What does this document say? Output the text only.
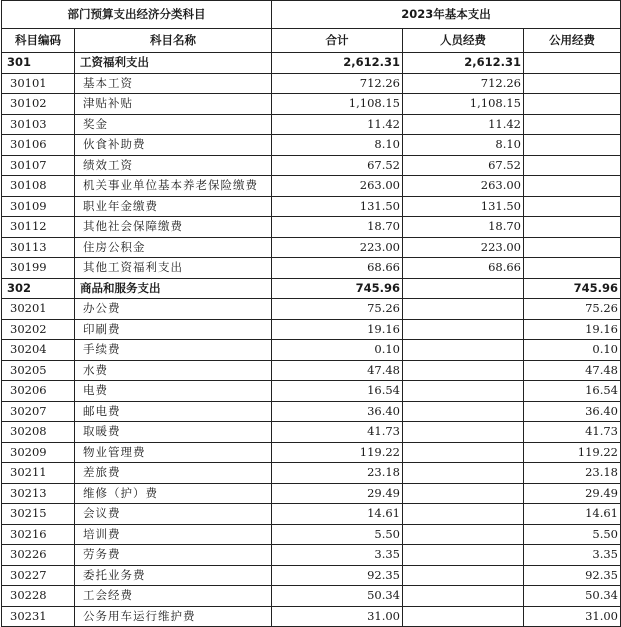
部门预算支出经济分类科目		2023年基本支出		
科目编码	科目名称	合计	人员经费	公用经费
301	工资福利支出	2,612.31	2,612.31	
30101	基本工资	712.26	712.26	
30102	津贴补贴	1,108.15	1,108.15	
30103	奖金	11.42	11.42	
30106	伙食补助费	8.10	8.10	
30107	绩效工资	67.52	67.52	
30108	机关事业单位基本养老保险缴费	263.00	263.00	
30109	职业年金缴费	131.50	131.50	
30112	其他社会保障缴费	18.70	18.70	
30113	住房公积金	223.00	223.00	
30199	其他工资福利支出	68.66	68.66	
302	商品和服务支出	745.96		745.96
30201	办公费	75.26		75.26
30202	印刷费	19.16		19.16
30204	手续费	0.10		0.10
30205	水费	47.48		47.48
30206	电费	16.54		16.54
30207	邮电费	36.40		36.40
30208	取暖费	41.73		41.73
30209	物业管理费	119.22		119.22
30211	差旅费	23.18		23.18
30213	维修（护）费	29.49		29.49
30215	会议费	14.61		14.61
30216	培训费	5.50		5.50
30226	劳务费	3.35		3.35
30227	委托业务费	92.35		92.35
30228	工会经费	50.34		50.34
30231	公务用车运行维护费	31.00		31.00
